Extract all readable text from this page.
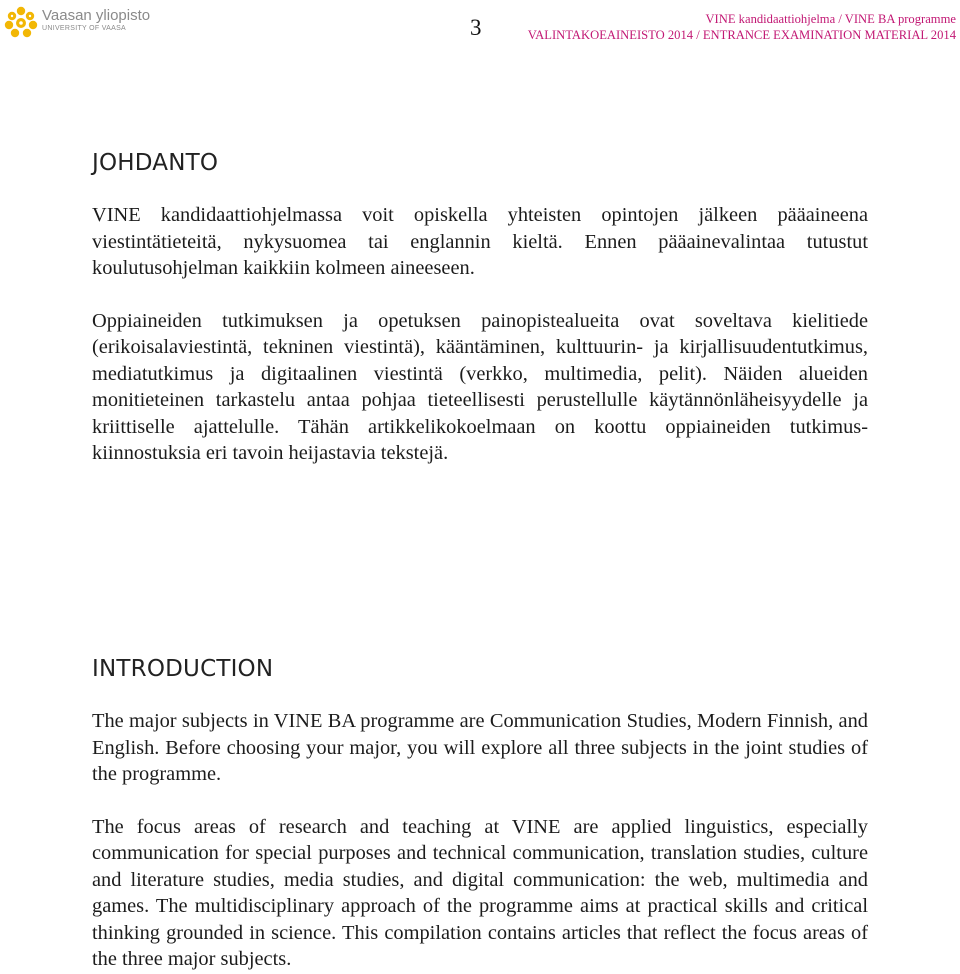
Vaasan yliopisto
UNIVERSITY OF VAASA	3	VINE kandidaattiohjelma / VINE BA programme
VALINTAKOEAINEISTO 2014 / ENTRANCE EXAMINATION MATERIAL 2014
JOHDANTO

VINE kandidaattiohjelmassa voit opiskella yhteisten opintojen jälkeen pääaineena viestintätieteitä, nykysuomea tai englannin kieltä. Ennen pääainevalintaa tutustut koulutusohjelman kaikkiin kolmeen aineeseen.

Oppiaineiden tutkimuksen ja opetuksen painopistealueita ovat soveltava kielitiede (erikoisalaviestintä, tekninen viestintä), kääntäminen, kulttuurin- ja kirjallisuudentutkimus, mediatutkimus ja digitaalinen viestintä (verkko, multimedia, pelit). Näiden alueiden monitieteinen tarkastelu antaa pohjaa tieteellisesti perustellulle käytännönläheisyydelle ja kriittiselle ajattelulle. Tähän artikkelikokoelmaan on koottu oppiaineiden tutkimus-kiinnostuksia eri tavoin heijastavia tekstejä.

INTRODUCTION

The major subjects in VINE BA programme are Communication Studies, Modern Finnish, and English. Before choosing your major, you will explore all three subjects in the joint studies of the programme.

The focus areas of research and teaching at VINE are applied linguistics, especially communication for special purposes and technical communication, translation studies, culture and literature studies, media studies, and digital communication: the web, multimedia and games. The multidisciplinary approach of the programme aims at practical skills and critical thinking grounded in science. This compilation contains articles that reflect the focus areas of the three major subjects.
